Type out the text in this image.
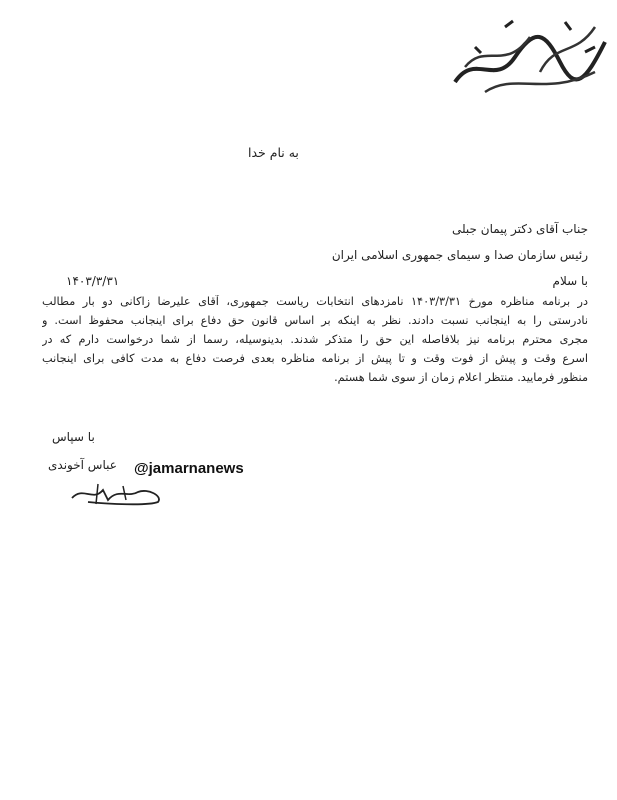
به نام خدا
جناب آقای دکتر پیمان جبلی
رئیس سازمان صدا و سیمای جمهوری اسلامی ایران
با سلام
۱۴۰۳/۳/۳۱
در برنامه مناظره مورخ ۱۴۰۳/۳/۳۱ نامزدهای انتخابات ریاست جمهوری، آقای علیرضا زاکانی دو بار مطالب
نادرستی را به اینجانب نسبت دادند. نظر به اینکه بر اساس قانون حق دفاع برای اینجانب محفوظ است. و
مجری محترم برنامه نیز بلافاصله این حق را متذکر شدند. بدینوسیله، رسما از شما درخواست دارم که در
اسرع وقت و پیش از فوت وقت و تا پیش از برنامه مناظره بعدی فرصت دفاع به مدت کافی برای اینجانب
منظور فرمایید. منتظر اعلام زمان از سوی شما هستم.
با سپاس
عباس آخوندی @jamarnanews
